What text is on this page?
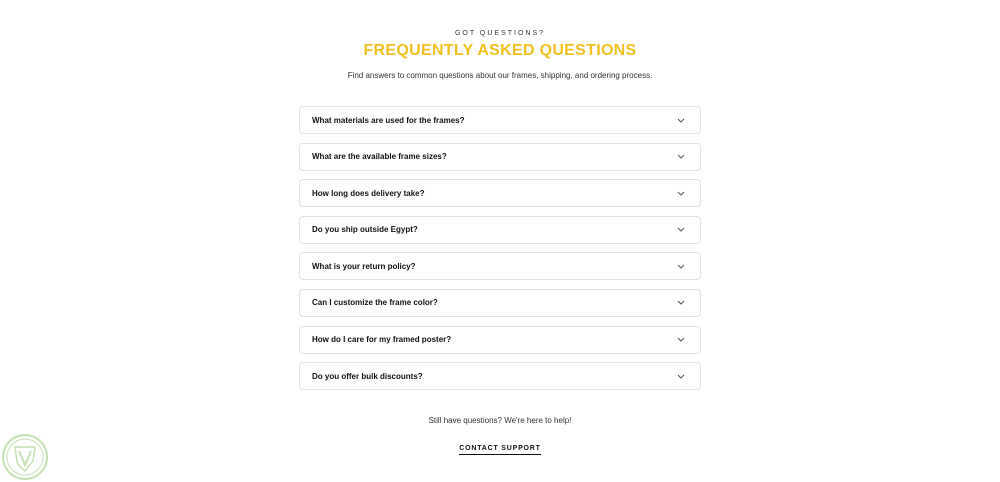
GOT QUESTIONS?
FREQUENTLY ASKED QUESTIONS
Find answers to common questions about our frames, shipping, and ordering process.
What materials are used for the frames?
What are the available frame sizes?
How long does delivery take?
Do you ship outside Egypt?
What is your return policy?
Can I customize the frame color?
How do I care for my framed poster?
Do you offer bulk discounts?
Still have questions? We're here to help!
CONTACT SUPPORT
